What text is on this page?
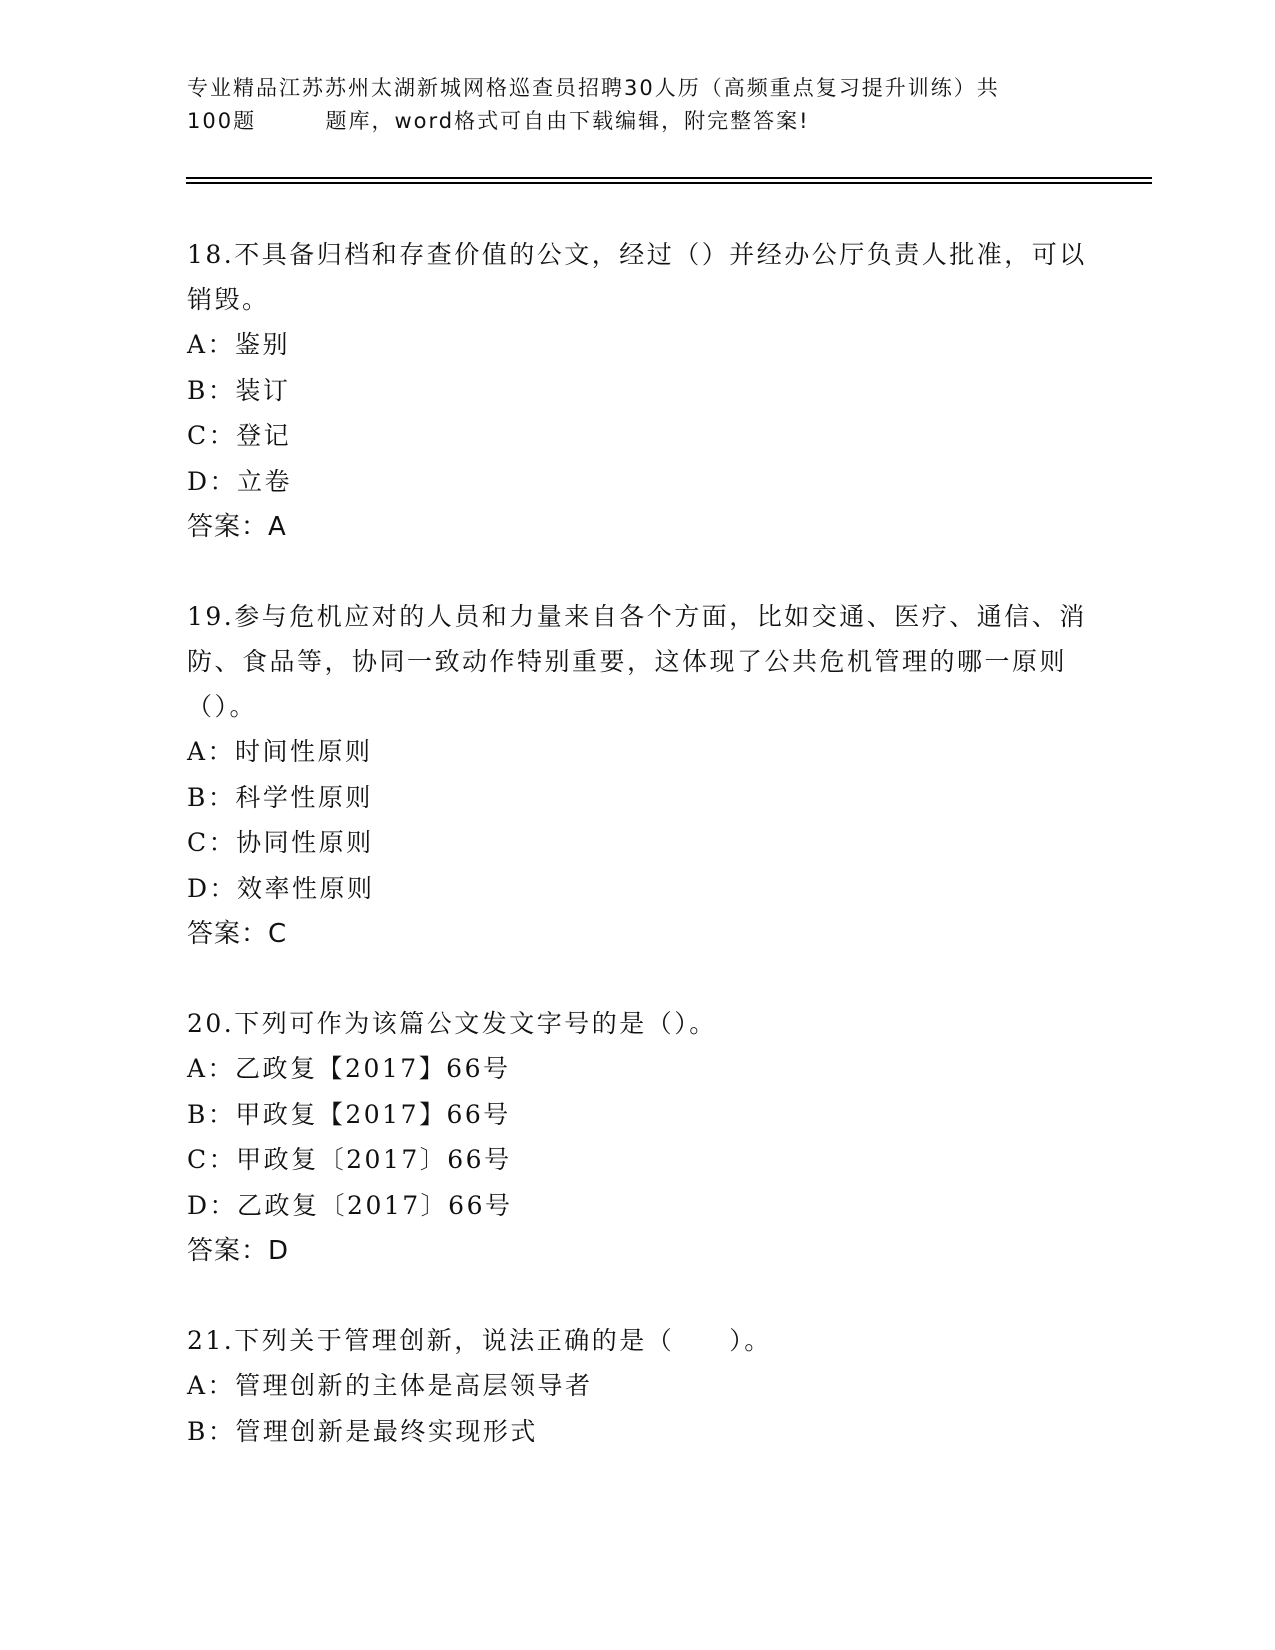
专业精品江苏苏州太湖新城网格巡查员招聘30人历（高频重点复习提升训练）共
100题        题库，word格式可自由下载编辑，附完整答案!
18.不具备归档和存查价值的公文，经过（）并经办公厅负责人批准，可以销毁。
A：鉴别
B：装订
C：登记
D：立卷
答案：A
19.参与危机应对的人员和力量来自各个方面，比如交通、医疗、通信、消防、食品等，协同一致动作特别重要，这体现了公共危机管理的哪一原则（）。
A：时间性原则
B：科学性原则
C：协同性原则
D：效率性原则
答案：C
20.下列可作为该篇公文发文字号的是（）。
A：乙政复【2017】66号
B：甲政复【2017】66号
C：甲政复〔2017〕66号
D：乙政复〔2017〕66号
答案：D
21.下列关于管理创新，说法正确的是（　　）。
A：管理创新的主体是高层领导者
B：管理创新是最终实现形式
